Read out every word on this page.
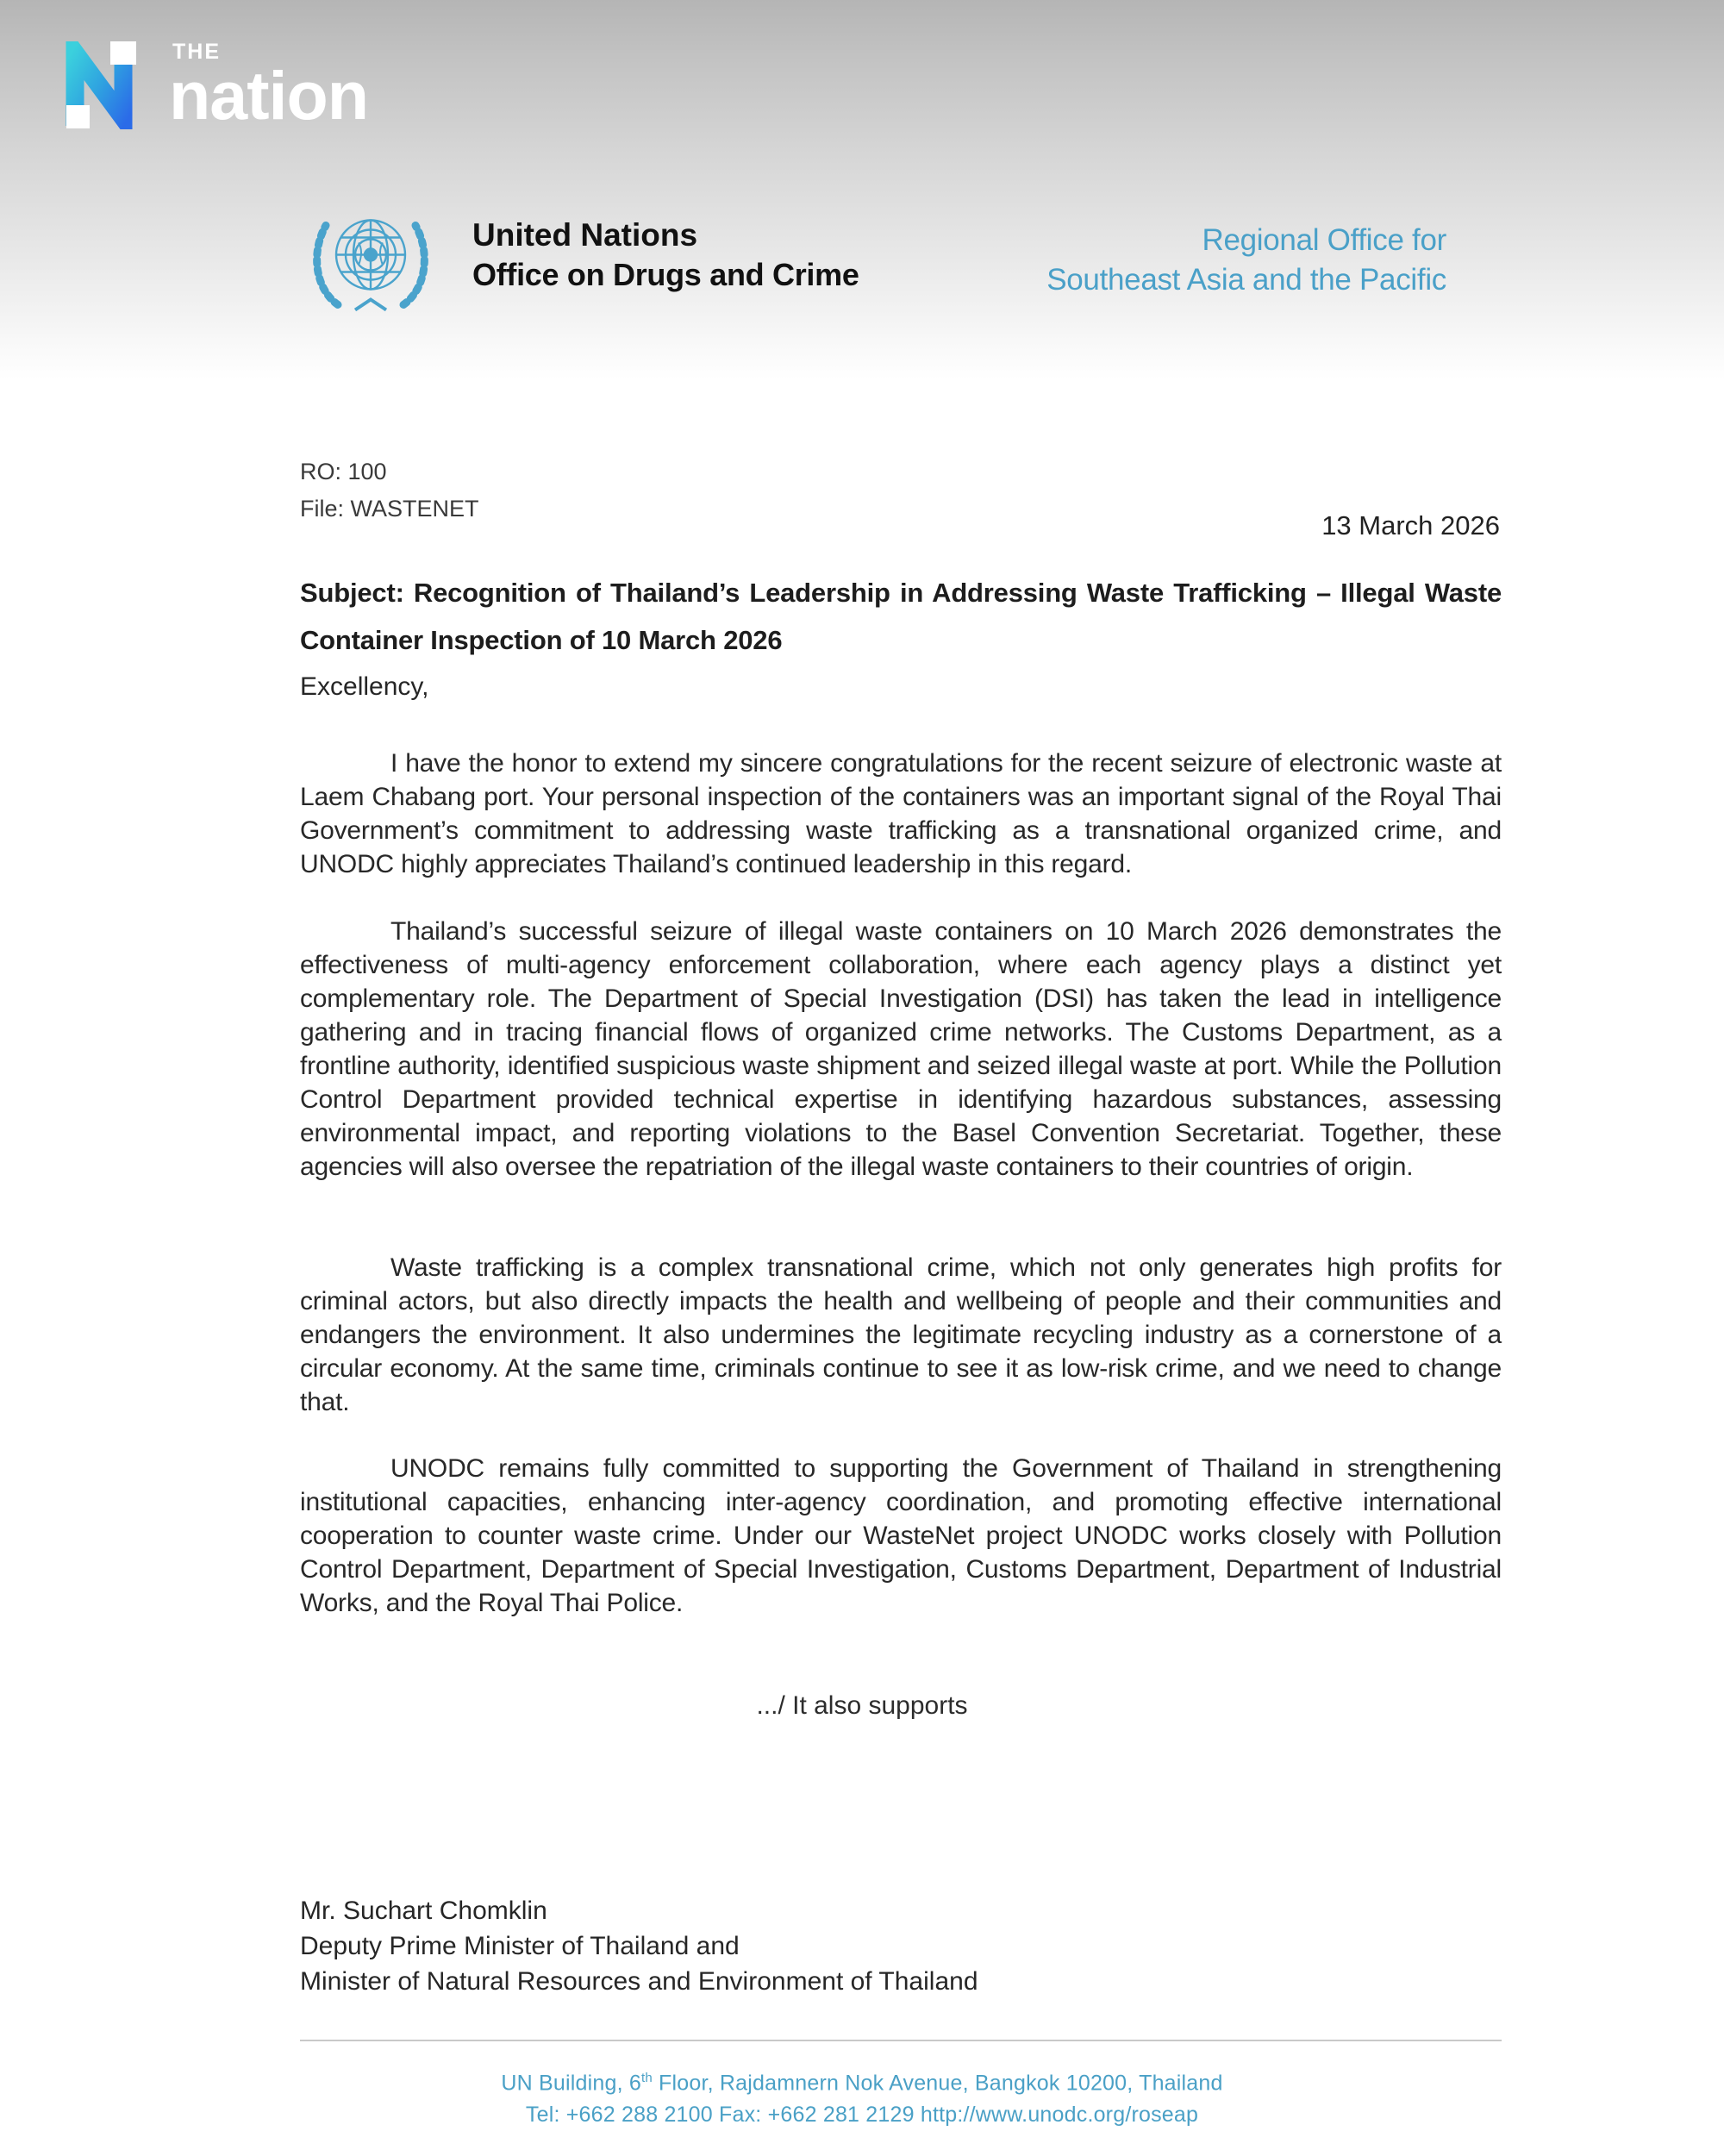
THE
nation
United Nations
Office on Drugs and Crime
Regional Office for
Southeast Asia and the Pacific
RO: 100
File: WASTENET
13 March 2026
Subject: Recognition of Thailand’s Leadership in Addressing Waste Trafficking – Illegal Waste Container Inspection of 10 March 2026
Excellency,

I have the honor to extend my sincere congratulations for the recent seizure of electronic waste at Laem Chabang port. Your personal inspection of the containers was an important signal of the Royal Thai Government’s commitment to addressing waste trafficking as a transnational organized crime, and UNODC highly appreciates Thailand’s continued leadership in this regard.

Thailand’s successful seizure of illegal waste containers on 10 March 2026 demonstrates the effectiveness of multi-agency enforcement collaboration, where each agency plays a distinct yet complementary role. The Department of Special Investigation (DSI) has taken the lead in intelligence gathering and in tracing financial flows of organized crime networks. The Customs Department, as a frontline authority, identified suspicious waste shipment and seized illegal waste at port. While the Pollution Control Department provided technical expertise in identifying hazardous substances, assessing environmental impact, and reporting violations to the Basel Convention Secretariat. Together, these agencies will also oversee the repatriation of the illegal waste containers to their countries of origin.

Waste trafficking is a complex transnational crime, which not only generates high profits for criminal actors, but also directly impacts the health and wellbeing of people and their communities and endangers the environment. It also undermines the legitimate recycling industry as a cornerstone of a circular economy. At the same time, criminals continue to see it as low-risk crime, and we need to change that.

UNODC remains fully committed to supporting the Government of Thailand in strengthening institutional capacities, enhancing inter-agency coordination, and promoting effective international cooperation to counter waste crime. Under our WasteNet project UNODC works closely with Pollution Control Department, Department of Special Investigation, Customs Department, Department of Industrial Works, and the Royal Thai Police.

Mr. Suchart Chomklin
Deputy Prime Minister of Thailand and
Minister of Natural Resources and Environment of Thailand
.../ It also supports
UN Building, 6th Floor, Rajdamnern Nok Avenue, Bangkok 10200, Thailand
Tel: +662 288 2100 Fax: +662 281 2129 http://www.unodc.org/roseap
